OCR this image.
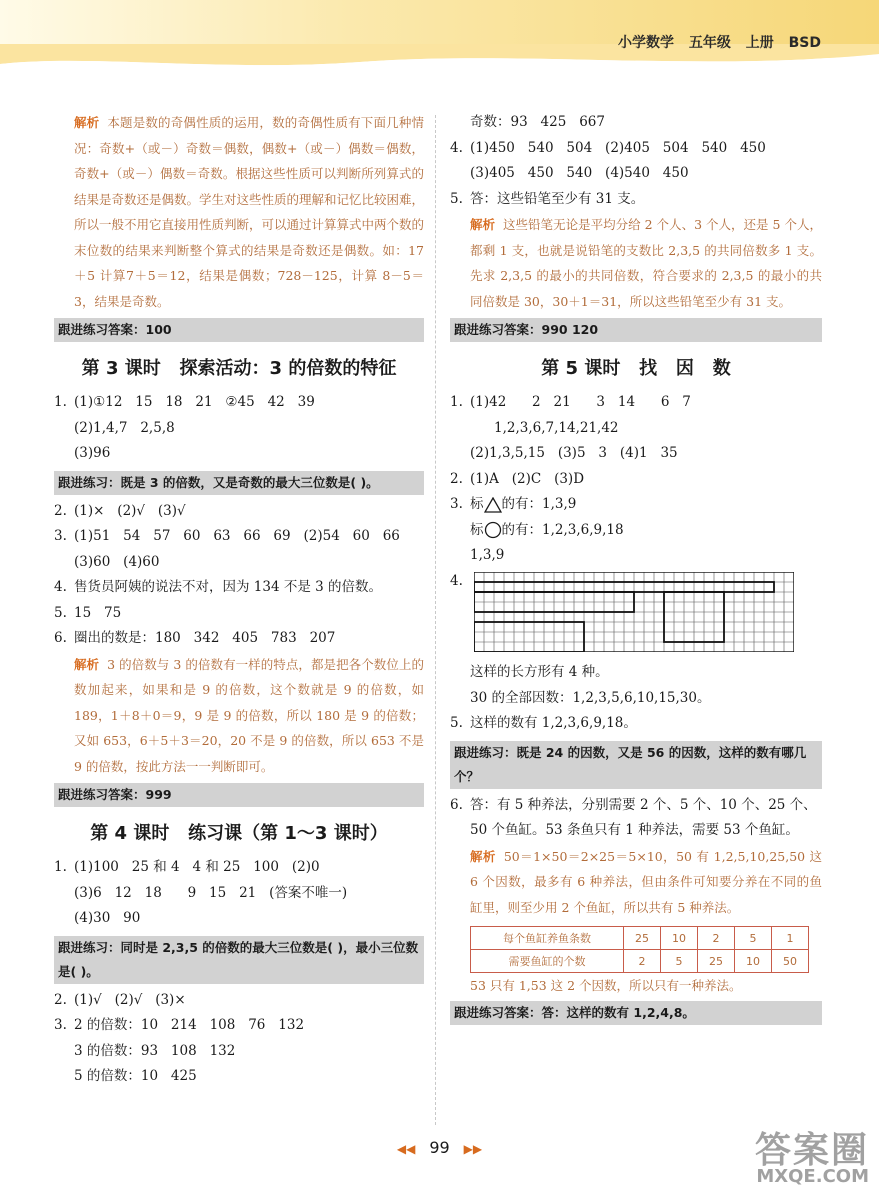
小学数学 五年级 上册 BSD
解析 本题是数的奇偶性质的运用，数的奇偶性质有下面几种情况：奇数+（或－）奇数＝偶数，偶数+（或－）偶数＝偶数，奇数+（或－）偶数＝奇数。根据这些性质可以判断所列算式的结果是奇数还是偶数。学生对这些性质的理解和记忆比较困难，所以一般不用它直接用性质判断，可以通过计算算式中两个数的末位数的结果来判断整个算式的结果是奇数还是偶数。如：17＋5 计算7＋5＝12，结果是偶数；728－125，计算 8－5＝3，结果是奇数。
跟进练习答案：100
第 3 课时   探索活动：3 的倍数的特征
1. (1)①12   15   18   21   ②45   42   39
(2)1,4,7   2,5,8
(3)96
跟进练习：既是 3 的倍数，又是奇数的最大三位数是( )。
2. (1)×   (2)√   (3)√
3. (1)51   54   57   60   63   66   69   (2)54   60   66
(3)60   (4)60
4. 售货员阿姨的说法不对，因为 134 不是 3 的倍数。
5. 15   75
6. 圈出的数是：180   342   405   783   207
解析 3 的倍数与 3 的倍数有一样的特点，都是把各个数位上的数加起来，如果和是 9 的倍数，这个数就是 9 的倍数，如 189，1＋8＋0＝9，9 是 9 的倍数，所以 180 是 9 的倍数；又如 653，6＋5＋3＝20，20 不是 9 的倍数，所以 653 不是 9 的倍数，按此方法一一判断即可。
跟进练习答案：999
第 4 课时   练习课（第 1～3 课时）
1. (1)100   25 和 4   4 和 25   100   (2)0
(3)6   12   18      9   15   21   (答案不唯一)
(4)30   90
跟进练习：同时是 2,3,5 的倍数的最大三位数是( )，最小三位数是( )。
2. (1)√   (2)√   (3)×
3. 2 的倍数：10   214   108   76   132
3 的倍数：93   108   132
5 的倍数：10   425
奇数：93   425   667
4. (1)450   540   504   (2)405   504   540   450
(3)405   450   540   (4)540   450
5. 答：这些铅笔至少有 31 支。
解析 这些铅笔无论是平均分给 2 个人、3 个人，还是 5 个人，都剩 1 支，也就是说铅笔的支数比 2,3,5 的共同倍数多 1 支。先求 2,3,5 的最小的共同倍数，符合要求的 2,3,5 的最小的共同倍数是 30，30＋1＝31，所以这些铅笔至少有 31 支。
跟进练习答案：990 120
第 5 课时   找   因   数
1. (1)42      2   21      3   14      6   7
1,2,3,6,7,14,21,42
(2)1,3,5,15   (3)5   3   (4)1   35
2. (1)A   (2)C   (3)D
3. 标 的有：1,3,9
标 的有：1,2,3,6,9,18
1,3,9
4.
这样的长方形有 4 种。
30 的全部因数：1,2,3,5,6,10,15,30。
5. 这样的数有 1,2,3,6,9,18。
跟进练习：既是 24 的因数，又是 56 的因数，这样的数有哪几个？
6. 答：有 5 种养法，分别需要 2 个、5 个、10 个、25 个、50 个鱼缸。53 条鱼只有 1 种养法，需要 53 个鱼缸。
解析 50＝1×50＝2×25＝5×10，50 有 1,2,5,10,25,50 这 6 个因数，最多有 6 种养法，但由条件可知要分养在不同的鱼缸里，则至少用 2 个鱼缸，所以共有 5 种养法。
每个鱼缸养鱼条数	25	10	2	5	1
需要鱼缸的个数	2	5	25	10	50
53 只有 1,53 这 2 个因数，所以只有一种养法。
跟进练习答案：答：这样的数有 1,2,4,8。
◀◀ 99 ▶▶	答案圈
MXQE.COM
